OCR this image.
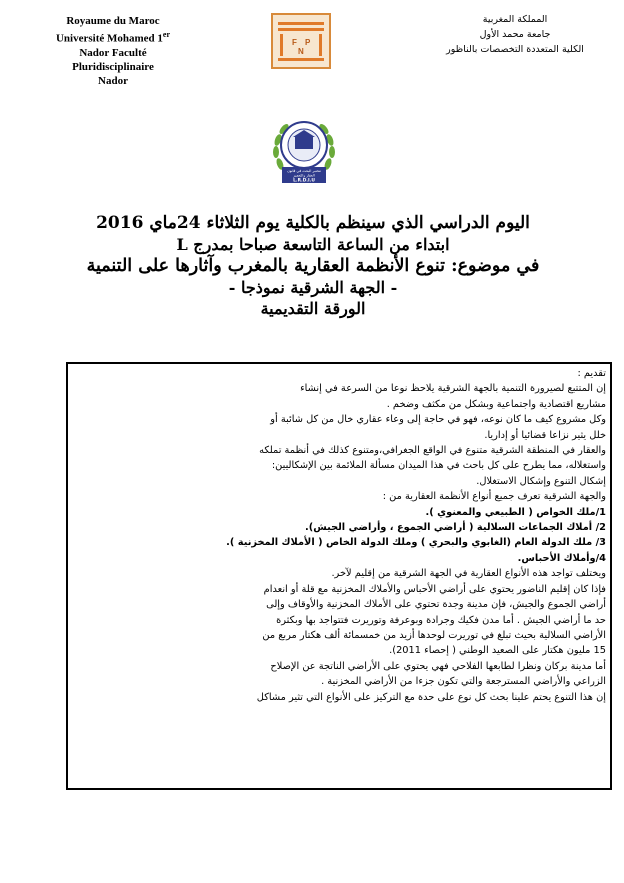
Royaume du Maroc
Université Mohamed 1er
Nador Faculté Pluridisciplinaire
Nador
F P
N
المملكة المغربية
جامعة محمد الأول
الكلية المتعددة التخصصات بالناظور
مختبر البحث في قانون
العقار والتعمير
L.R.D.I.U
اليوم الدراسي الذي سينظم بالكلية يوم الثلاثاء 24ماي 2016
ابتداء من الساعة التاسعة صباحا بمدرج L
في موضوع: تنوع الأنظمة العقارية بالمغرب وآثارها على التنمية
- الجهة الشرقية نموذجا -
الورقة التقديمية

تقديم :

إن المتتبع لصيرورة التنمية بالجهة الشرقية يلاحظ نوعا من السرعة في إنشاء

مشاريع اقتصادية واجتماعية وبشكل من مكثف وضخم .

وكل مشروع كيف ما كان نوعه، فهو في حاجة إلى وعاء عقاري خال من كل شائبة أو

خلل يثير نزاعا قضائيا أو إداريا.

والعقار في المنطقة الشرقية متنوع في الواقع الجغرافي،ومتنوع كذلك في أنظمة تملكه

واستغلاله، مما يطرح على كل باحث في هذا الميدان مسألة الملائمة بين الإشكاليين:

إشكال التنوع وإشكال الاستغلال.

والجهة الشرقية تعرف جميع أنواع الأنظمة العقارية من :

1/ملك الخواص ( الطبيعي والمعنوي ).

2/ أملاك الجماعات السلالية ( أراضي الجموع ، وأراضي الجيش).

3/ ملك الدولة العام (الغابوي والبحري ) وملك الدولة الخاص ( الأملاك المخزنية ).

4/وأملاك الأحباس.

ويختلف تواجد هذه الأنواع العقارية في الجهة الشرقية من إقليم لآخر.

فإذا كان إقليم الناضور يحتوي على أراضي الأحباس والأملاك المخزنية مع قلة أو انعدام

أراضي الجموع والجيش، فإن مدينة وجدة تحتوي على الأملاك المخزنية والأوقاف وإلى

حد ما أراضي الجيش . أما مدن فكيك وجرادة وبوعرفة وتوريرت فتتواجد بها وبكثرة

الأراضي السلالية بحيث تبلغ في توريرت لوحدها أزيد من خمسمائة ألف هكتار مربع من

15 مليون هكتار على الصعيد الوطني ( إحصاء 2011).

أما مدينة بركان ونظرا لطابعها الفلاحي فهي يحتوي على الأراضي الناتجة عن الإصلاح

الزراعي والأراضي المسترجعة والتي تكون جزءا من الأراضي المخزنية .

إن هذا التنوع يحتم علينا بحث كل نوع على حدة مع التركيز على الأنواع التي تثير مشاكل
